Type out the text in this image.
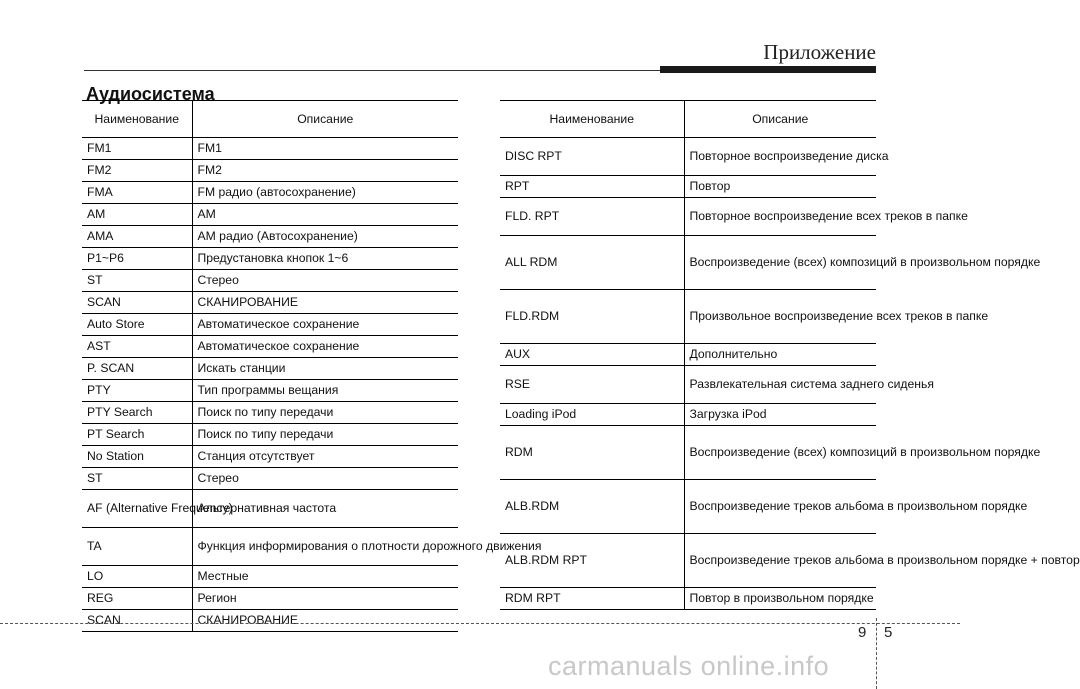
Приложение
Аудиосистема
Наименование	Описание
FM1	FM1
FM2	FM2
FMA	FM радио (автосохранение)
AM	AM
AMA	AM радио (Автосохранение)
P1~P6	Предустановка кнопок 1~6
ST	Стерео
SCAN	СКАНИРОВАНИЕ
Auto Store	Автоматическое сохранение
AST	Автоматическое сохранение
P. SCAN	Искать станции
PTY	Тип программы вещания
PTY Search	Поиск по типу передачи
PT Search	Поиск по типу передачи
No Station	Станция отсутствует
ST	Стерео
AF (Alternative Frequency)	Альтернативная частота
TA	Функция информирования о плотности дорожного движения
LO	Местные
REG	Регион
SCAN	СКАНИРОВАНИЕ
Наименование	Описание
DISC RPT	Повторное воспроизведение диска
RPT	Повтор
FLD. RPT	Повторное воспроизведение всех треков в папке
ALL RDM	Воспроизведение (всех) композиций в произвольном порядке
FLD.RDM	Произвольное воспроизведение всех треков в папке
AUX	Дополнительно
RSE	Развлекательная система заднего сиденья
Loading iPod	Загрузка iPod
RDM	Воспроизведение (всех) композиций в произвольном порядке
ALB.RDM	Воспроизведение треков альбома в произвольном порядке
ALB.RDM RPT	Воспроизведение треков альбома в произвольном порядке + повтор
RDM RPT	Повтор в произвольном порядке
9 5
carmanuals online.info
